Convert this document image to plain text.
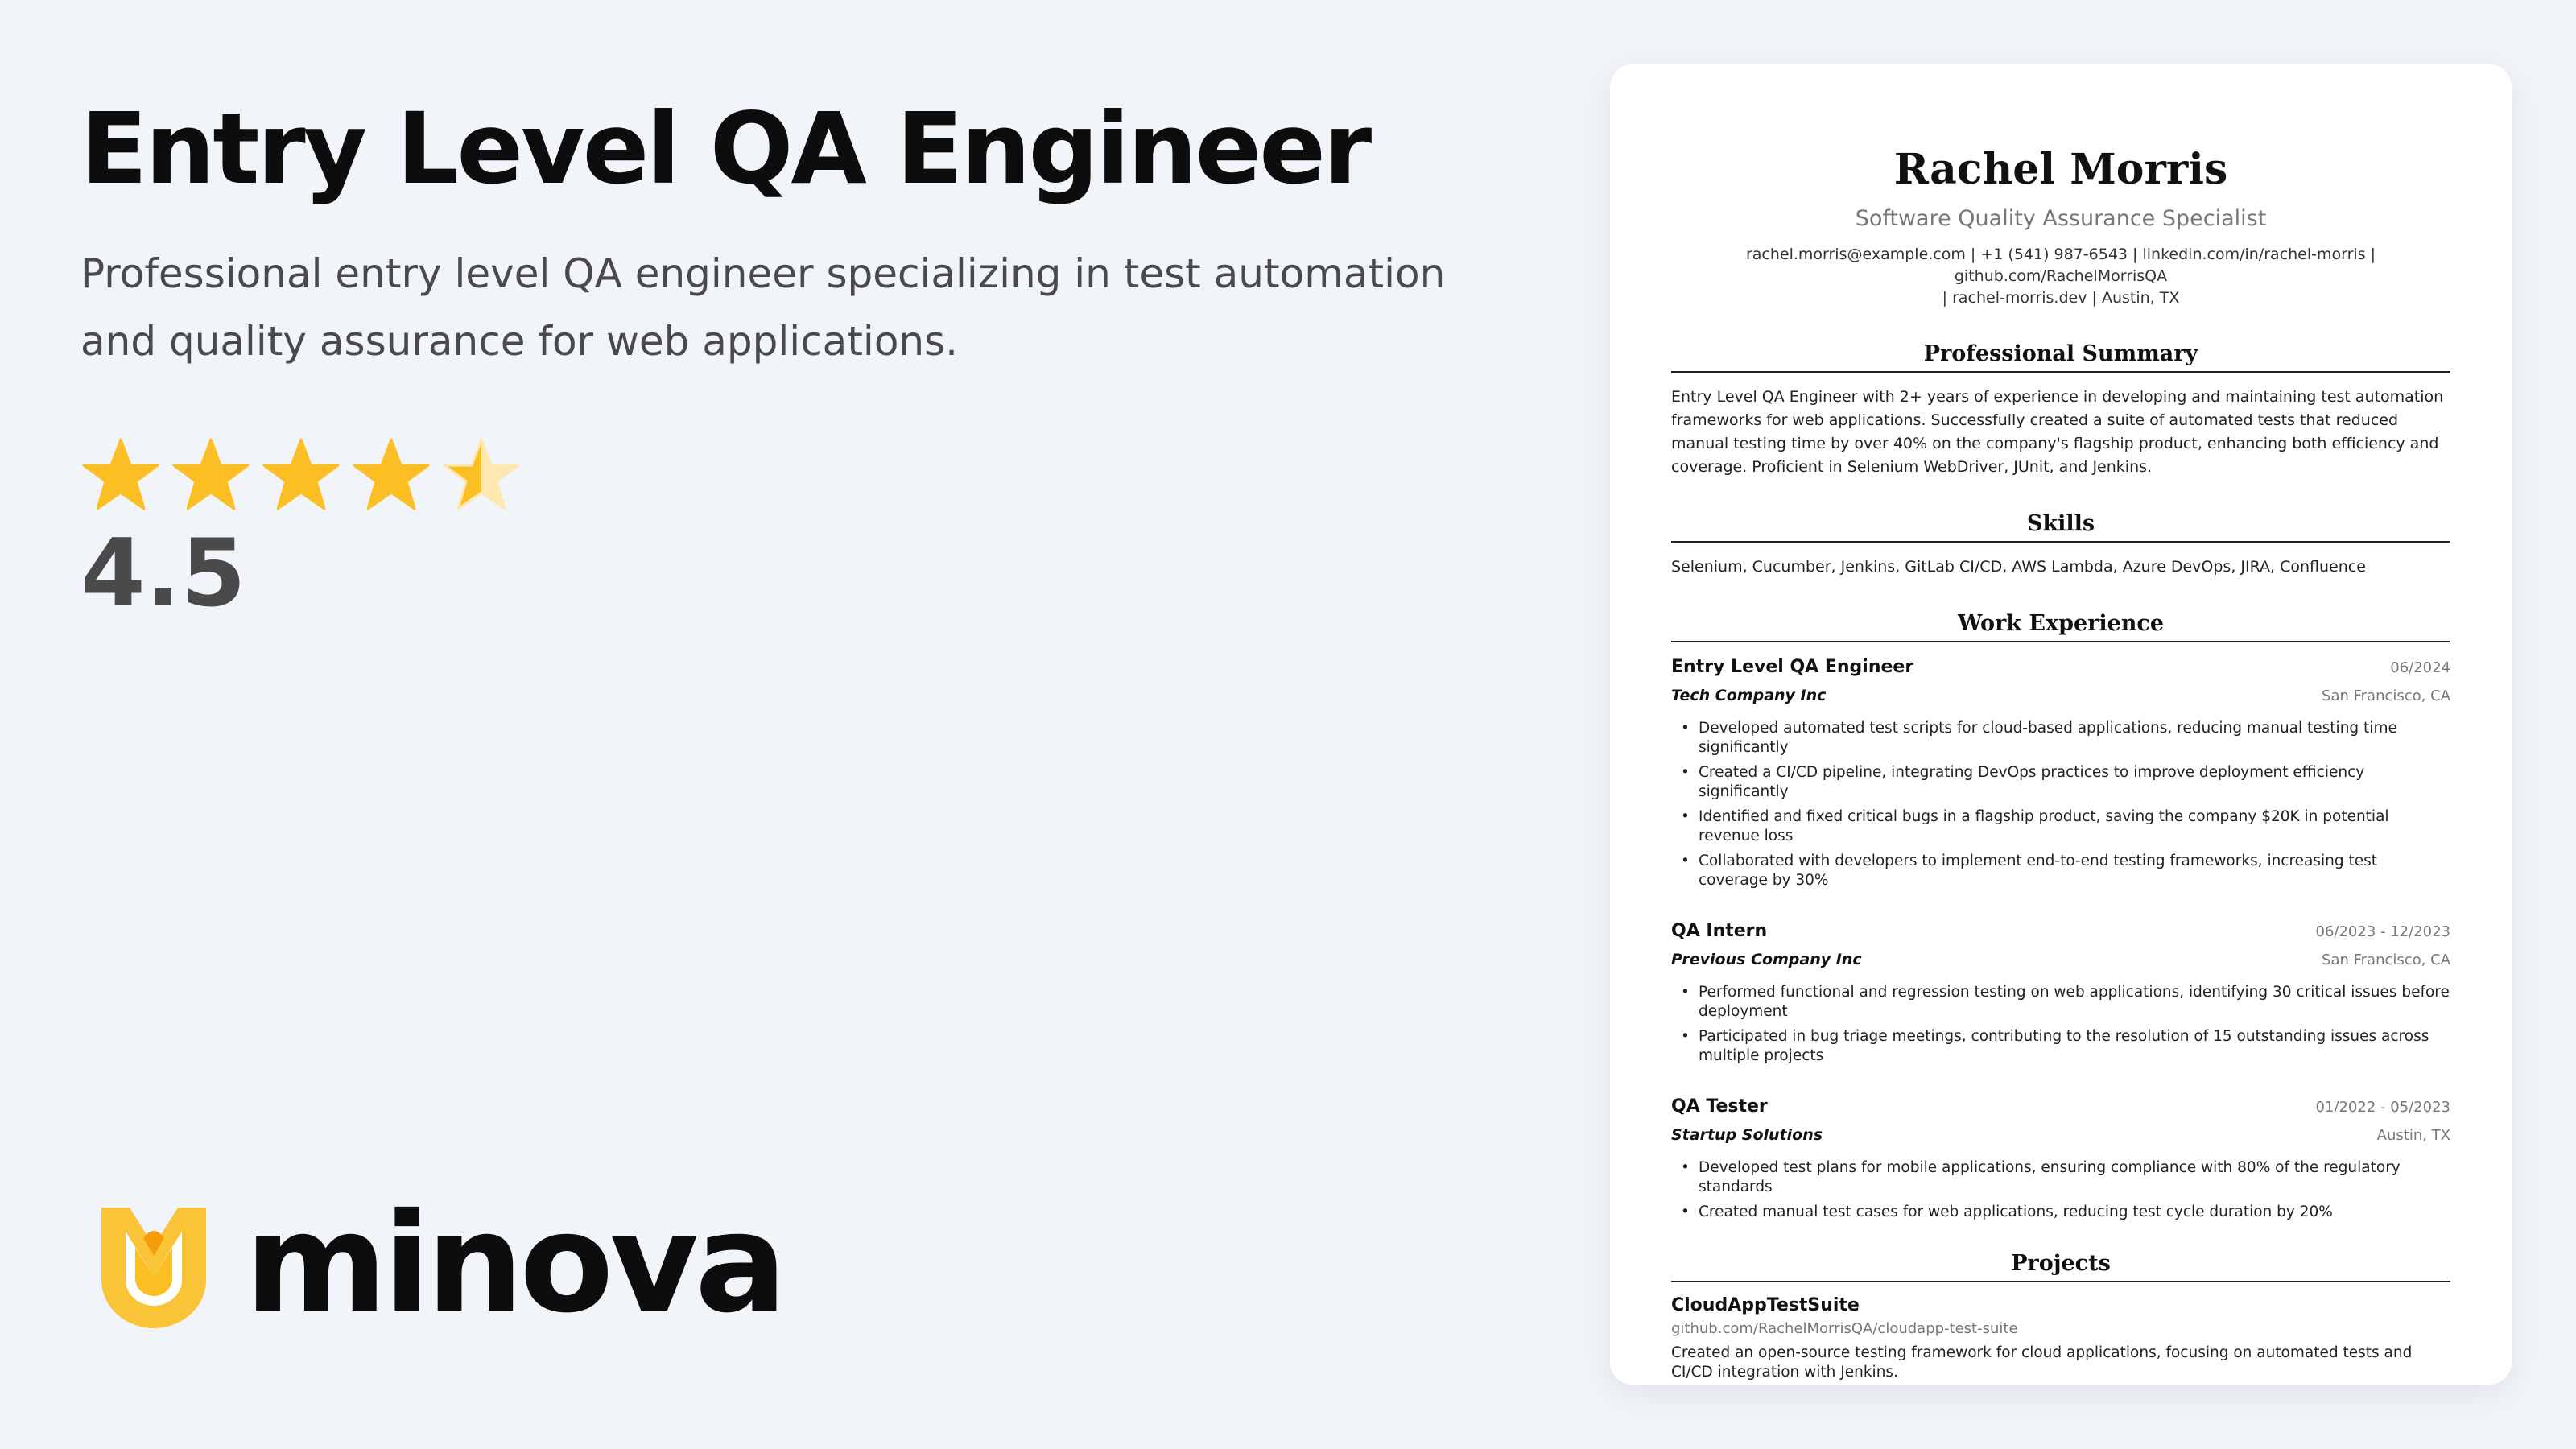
Entry Level QA Engineer

Professional entry level QA engineer specializing in test automation and quality assurance for web applications.

4.5
minova
Rachel Morris
Software Quality Assurance Specialist
rachel.morris@example.com | +1 (541) 987-6543 | linkedin.com/in/rachel-morris | github.com/RachelMorrisQA
| rachel-morris.dev | Austin, TX
Professional Summary
Entry Level QA Engineer with 2+ years of experience in developing and maintaining test automation frameworks for web applications. Successfully created a suite of automated tests that reduced manual testing time by over 40% on the company's flagship product, enhancing both efficiency and coverage. Proficient in Selenium WebDriver, JUnit, and Jenkins.
Skills
Selenium, Cucumber, Jenkins, GitLab CI/CD, AWS Lambda, Azure DevOps, JIRA, Confluence
Work Experience
Entry Level QA Engineer	06/2024
Tech Company Inc	San Francisco, CA
• Developed automated test scripts for cloud-based applications, reducing manual testing time significantly
• Created a CI/CD pipeline, integrating DevOps practices to improve deployment efficiency significantly
• Identified and fixed critical bugs in a flagship product, saving the company $20K in potential revenue loss
• Collaborated with developers to implement end-to-end testing frameworks, increasing test coverage by 30%
QA Intern	06/2023 - 12/2023
Previous Company Inc	San Francisco, CA
• Performed functional and regression testing on web applications, identifying 30 critical issues before deployment
• Participated in bug triage meetings, contributing to the resolution of 15 outstanding issues across multiple projects
QA Tester	01/2022 - 05/2023
Startup Solutions	Austin, TX
• Developed test plans for mobile applications, ensuring compliance with 80% of the regulatory standards
• Created manual test cases for web applications, reducing test cycle duration by 20%
Projects
CloudAppTestSuite
github.com/RachelMorrisQA/cloudapp-test-suite
Created an open-source testing framework for cloud applications, focusing on automated tests and CI/CD integration with Jenkins.
